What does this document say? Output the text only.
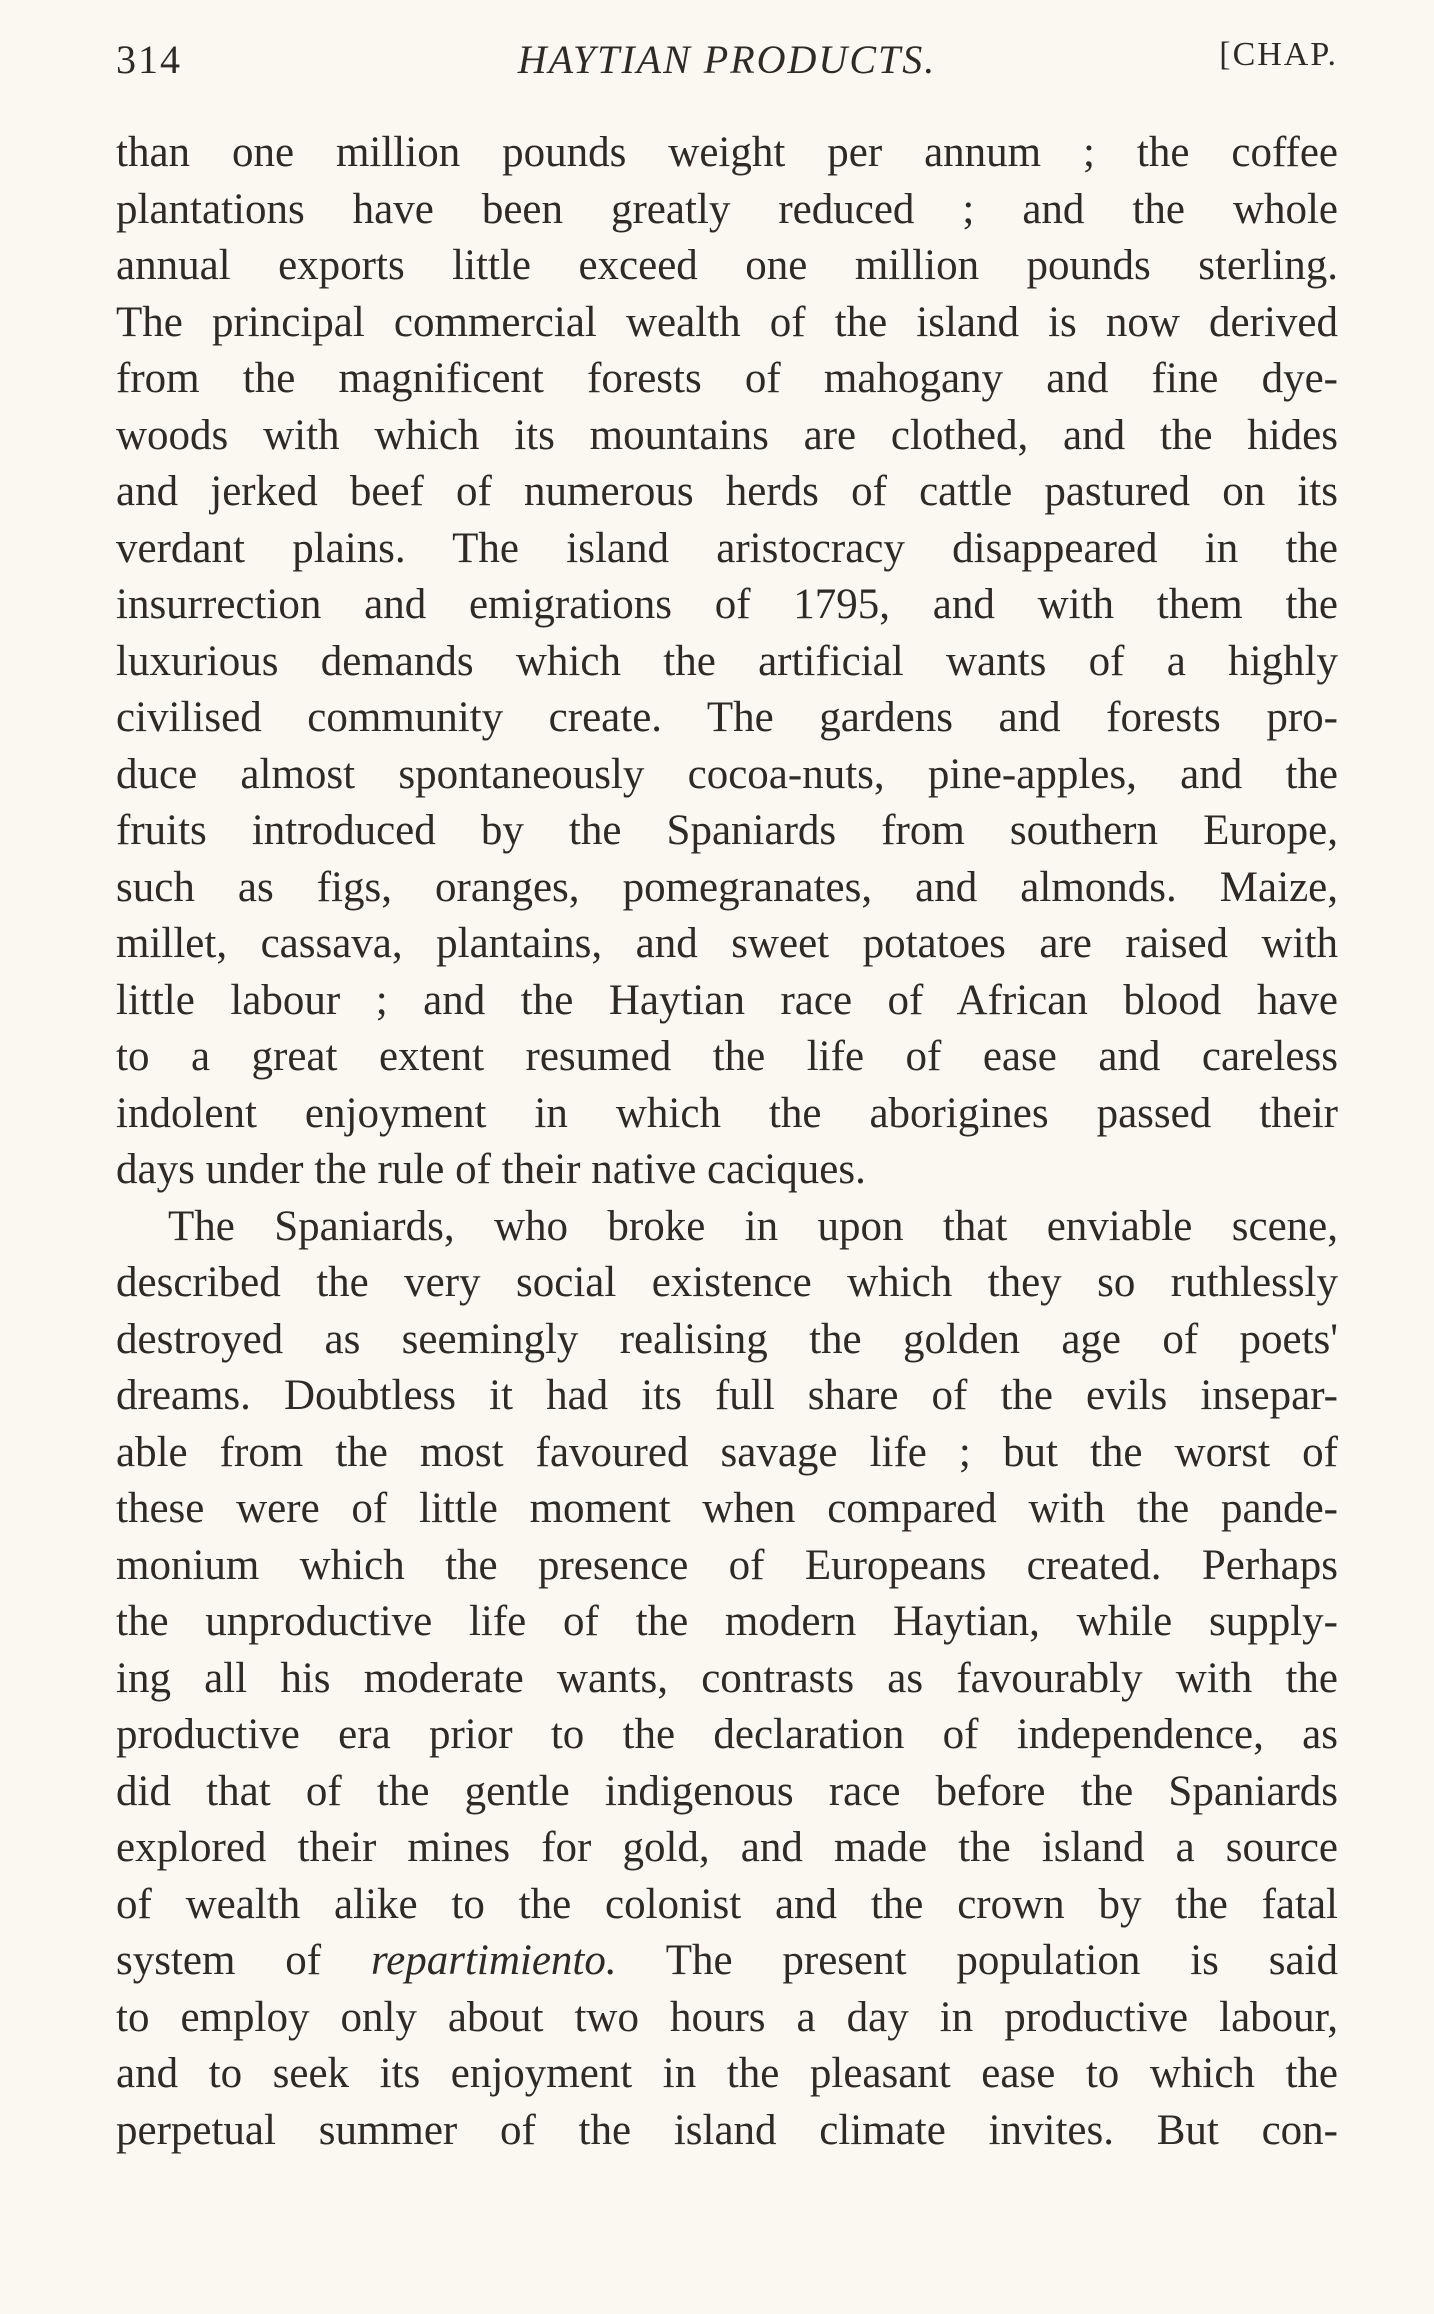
314	HAYTIAN PRODUCTS.	[CHAP.
than one million pounds weight per annum ; the coffee
plantations have been greatly reduced ; and the whole
annual exports little exceed one million pounds sterling.
The principal commercial wealth of the island is now derived
from the magnificent forests of mahogany and fine dye-
woods with which its mountains are clothed, and the hides
and jerked beef of numerous herds of cattle pastured on its
verdant plains. The island aristocracy disappeared in the
insurrection and emigrations of 1795, and with them the
luxurious demands which the artificial wants of a highly
civilised community create. The gardens and forests pro-
duce almost spontaneously cocoa-nuts, pine-apples, and the
fruits introduced by the Spaniards from southern Europe,
such as figs, oranges, pomegranates, and almonds. Maize,
millet, cassava, plantains, and sweet potatoes are raised with
little labour ; and the Haytian race of African blood have
to a great extent resumed the life of ease and careless
indolent enjoyment in which the aborigines passed their
days under the rule of their native caciques.
The Spaniards, who broke in upon that enviable scene,
described the very social existence which they so ruthlessly
destroyed as seemingly realising the golden age of poets'
dreams. Doubtless it had its full share of the evils insepar-
able from the most favoured savage life ; but the worst of
these were of little moment when compared with the pande-
monium which the presence of Europeans created. Perhaps
the unproductive life of the modern Haytian, while supply-
ing all his moderate wants, contrasts as favourably with the
productive era prior to the declaration of independence, as
did that of the gentle indigenous race before the Spaniards
explored their mines for gold, and made the island a source
of wealth alike to the colonist and the crown by the fatal
system of repartimiento. The present population is said
to employ only about two hours a day in productive labour,
and to seek its enjoyment in the pleasant ease to which the
perpetual summer of the island climate invites. But con-
